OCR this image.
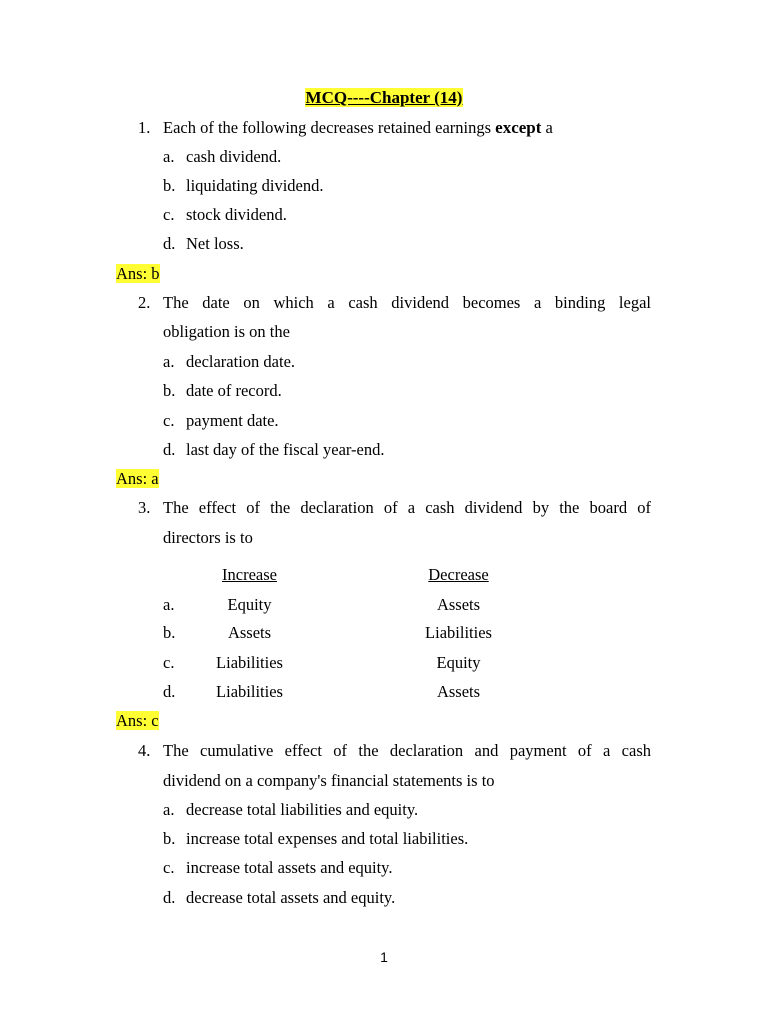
MCQ----Chapter (14)
1. Each of the following decreases retained earnings except a
a. cash dividend.
b. liquidating dividend.
c. stock dividend.
d. Net loss.
Ans: b
2. The date on which a cash dividend becomes a binding legal
obligation is on the
a. declaration date.
b. date of record.
c. payment date.
d. last day of the fiscal year-end.
Ans: a
3. The effect of the declaration of a cash dividend by the board of
directors is to
Increase	Decrease
a.	Equity	Assets
b.	Assets	Liabilities
c.	Liabilities	Equity
d.	Liabilities	Assets
Ans: c
4. The cumulative effect of the declaration and payment of a cash
dividend on a company's financial statements is to
a. decrease total liabilities and equity.
b. increase total expenses and total liabilities.
c. increase total assets and equity.
d. decrease total assets and equity.
1
